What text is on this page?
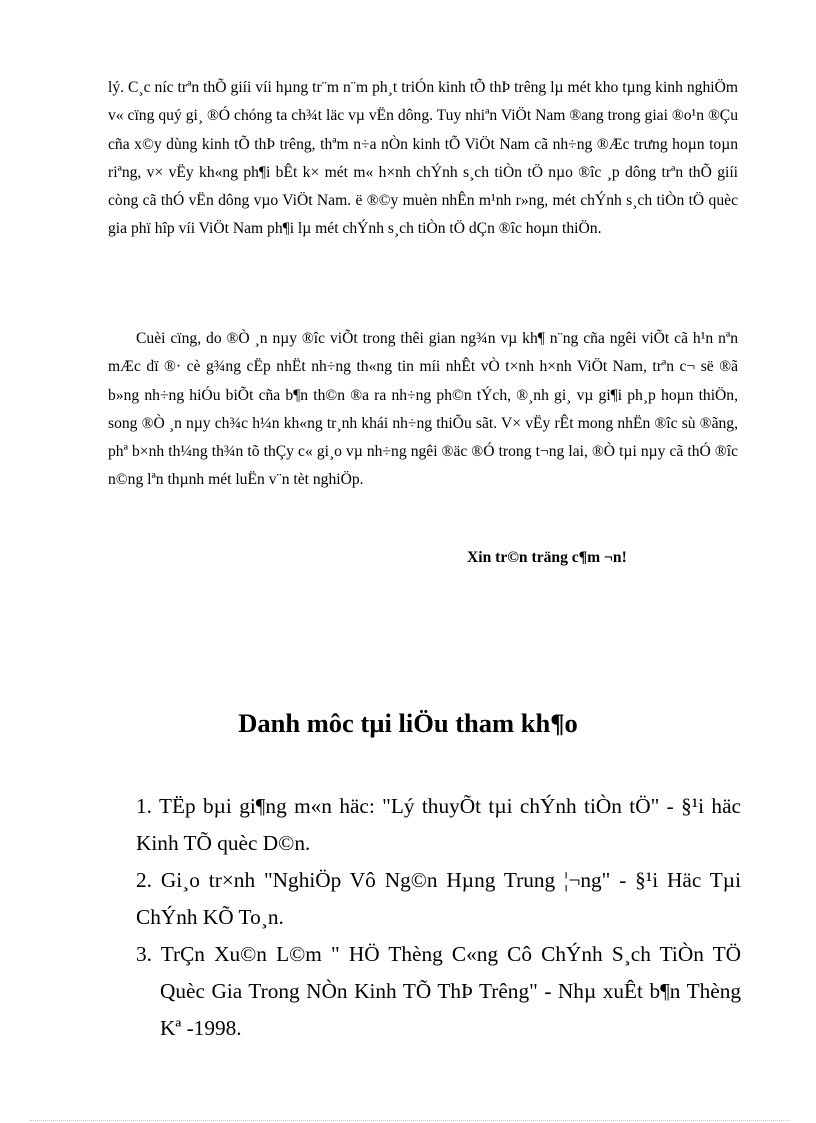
lý. C¸c níc trªn thÕ giíi víi hµng tr¨m n¨m ph¸t triÓn kinh tÕ thÞ trêng lµ mét kho tµng kinh nghiÖm v« cïng quý gi¸ ®Ó chóng ta ch¾t läc vµ vËn dông. Tuy nhiªn ViÖt Nam ®ang trong giai ®o¹n ®Çu cña x©y dùng kinh tÕ thÞ trêng, thªm n÷a nÒn kinh tÕ ViÖt Nam cã nh÷ng ®Æc trưng hoµn toµn riªng, v× vËy kh«ng ph¶i bÊt k× mét m« h×nh chÝnh s¸ch tiÒn tÖ nµo ®îc ¸p dông trªn thÕ giíi còng cã thÓ vËn dông vµo ViÖt Nam. ë ®©y muèn nhÊn m¹nh r»ng, mét chÝnh s¸ch tiÒn tÖ quèc gia phï hîp víi ViÖt Nam ph¶i lµ mét chÝnh s¸ch tiÒn tÖ dÇn ®îc hoµn thiÖn.

Cuèi cïng, do ®Ò ¸n nµy ®îc viÕt trong thêi gian ng¾n vµ kh¶ n¨ng cña ngêi viÕt cã h¹n nªn mÆc dï ®· cè g¾ng cËp nhËt nh÷ng th«ng tin míi nhÊt vÒ t×nh h×nh ViÖt Nam, trªn c¬ së ®ã b»ng nh÷ng hiÓu biÕt cña b¶n th©n ®a ra nh÷ng ph©n tÝch, ®¸nh gi¸ vµ gi¶i ph¸p hoµn thiÖn, song ®Ò ¸n nµy ch¾c h¼n kh«ng tr¸nh khái nh÷ng thiÕu sãt. V× vËy rÊt mong nhËn ®îc sù ®ãng, phª b×nh th¼ng th¾n tõ thÇy c« gi¸o vµ nh÷ng ngêi ®äc ®Ó trong t¬ng lai, ®Ò tµi nµy cã thÓ ®îc n©ng lªn thµnh mét luËn v¨n tèt nghiÖp.

Xin tr©n träng c¶m ¬n!
Danh môc tµi liÖu tham kh¶o
1. TËp bµi gi¶ng m«n häc: "Lý thuyÕt tµi chÝnh tiÒn tÖ" - §¹i häc Kinh TÕ quèc D©n.
2. Gi¸o tr×nh "NghiÖp Vô Ng©n Hµng Trung ¦¬ng" - §¹i Häc Tµi ChÝnh KÕ To¸n.
3. TrÇn Xu©n L©m " HÖ Thèng C«ng Cô ChÝnh S¸ch TiÒn TÖ Quèc Gia Trong NÒn Kinh TÕ ThÞ Trêng" - Nhµ xuÊt b¶n Thèng Kª -1998.
